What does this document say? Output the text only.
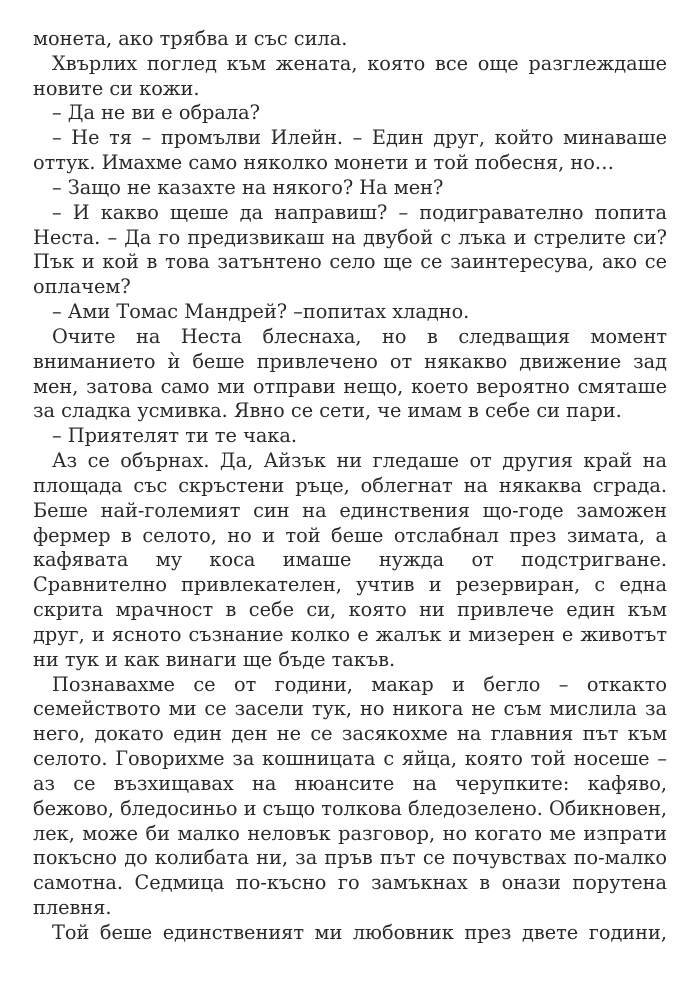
монета, ако трябва и със сила.

Хвърлих поглед към жената, която все още разглеждаше новите си кожи.

– Да не ви е обрала?

– Не тя – промълви Илейн. – Един друг, който минаваше оттук. Имахме само няколко монети и той побесня, но…

– Защо не казахте на някого? На мен?

– И какво щеше да направиш? – подигравателно попита Неста. – Да го предизвикаш на двубой с лъка и стрелите си? Пък и кой в това затънтено село ще се заинтересува, ако се оплачем?

– Ами Томас Мандрей? –попитах хладно.

Очите на Неста блеснаха, но в следващия момент вниманието ѝ беше привлечено от някакво движение зад мен, затова само ми отправи нещо, което вероятно смяташе за сладка усмивка. Явно се сети, че имам в себе си пари.

– Приятелят ти те чака.

Аз се обърнах. Да, Айзък ни гледаше от другия край на площада със скръстени ръце, облегнат на някаква сграда. Беше най-големият син на единствения що-годе заможен фермер в селото, но и той беше отслабнал през зимата, а кафявата му коса имаше нужда от подстригване. Сравнително привлекателен, учтив и резервиран, с една скрита мрачност в себе си, която ни привлече един към друг, и ясното съзнание колко е жалък и мизерен е животът ни тук и как винаги ще бъде такъв.

Познавахме се от години, макар и бегло – откакто семейството ми се засели тук, но никога не съм мислила за него, докато един ден не се засякохме на главния път към селото. Говорихме за кошницата с яйца, която той носеше – аз се възхищавах на нюансите на черупките: кафяво, бежово, бледосиньо и също толкова бледозелено. Обикновен, лек, може би малко неловък разговор, но когато ме изпрати покъсно до колибата ни, за пръв път се почувствах по-малко самотна. Седмица по-късно го замъкнах в онази порутена плевня.

Той беше единственият ми любовник през двете години,
